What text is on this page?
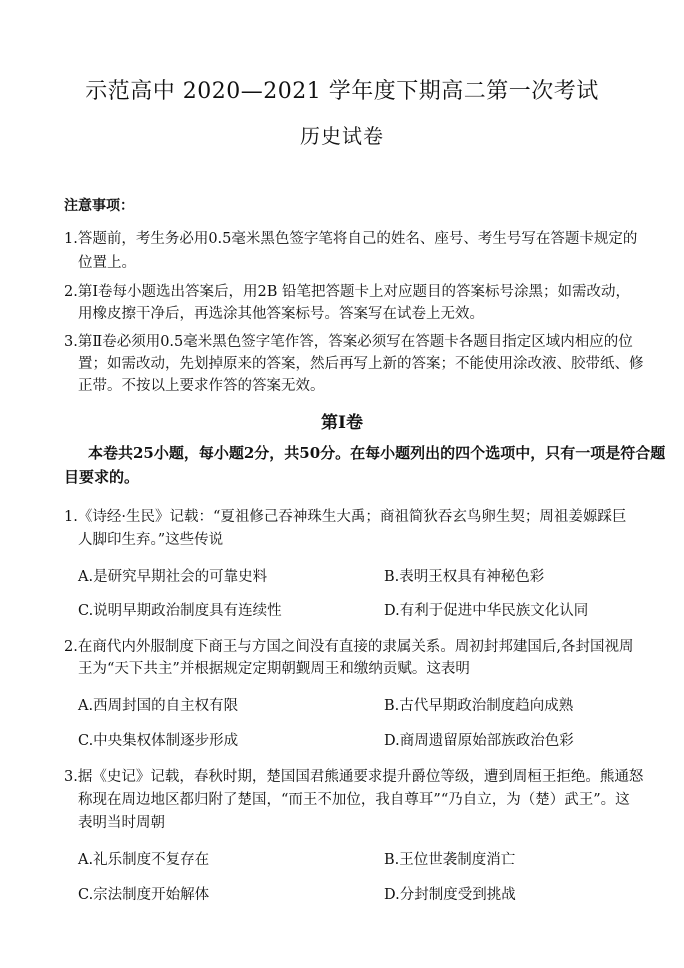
示范高中 2020—2021 学年度下期高二第一次考试
历史试卷
注意事项：
1.答题前，考生务必用0.5毫米黑色签字笔将自己的姓名、座号、考生号写在答题卡规定的
位置上。
2.第Ⅰ卷每小题选出答案后，用2B 铅笔把答题卡上对应题目的答案标号涂黑；如需改动，
用橡皮擦干净后，再选涂其他答案标号。答案写在试卷上无效。
3.第Ⅱ卷必须用0.5毫米黑色签字笔作答，答案必须写在答题卡各题目指定区域内相应的位
置；如需改动，先划掉原来的答案，然后再写上新的答案；不能使用涂改液、胶带纸、修
正带。不按以上要求作答的答案无效。
第Ⅰ卷
本卷共25小题，每小题2分，共50分。在每小题列出的四个选项中，只有一项是符合题
目要求的。
1.《诗经·生民》记载：“夏祖修己吞神珠生大禹；商祖简狄吞玄鸟卵生契；周祖姜嫄踩巨
人脚印生弃。”这些传说
A.是研究早期社会的可靠史料	B.表明王权具有神秘色彩
C.说明早期政治制度具有连续性	D.有利于促进中华民族文化认同
2.在商代内外服制度下商王与方国之间没有直接的隶属关系。周初封邦建国后,各封国视周
王为“天下共主”并根据规定定期朝觐周王和缴纳贡赋。这表明
A.西周封国的自主权有限	B.古代早期政治制度趋向成熟
C.中央集权体制逐步形成	D.商周遗留原始部族政治色彩
3.据《史记》记载，春秋时期，楚国国君熊通要求提升爵位等级，遭到周桓王拒绝。熊通怒
称现在周边地区都归附了楚国，“而王不加位，我自尊耳”“乃自立，为（楚）武王”。这
表明当时周朝
A.礼乐制度不复存在	B.王位世袭制度消亡
C.宗法制度开始解体	D.分封制度受到挑战
